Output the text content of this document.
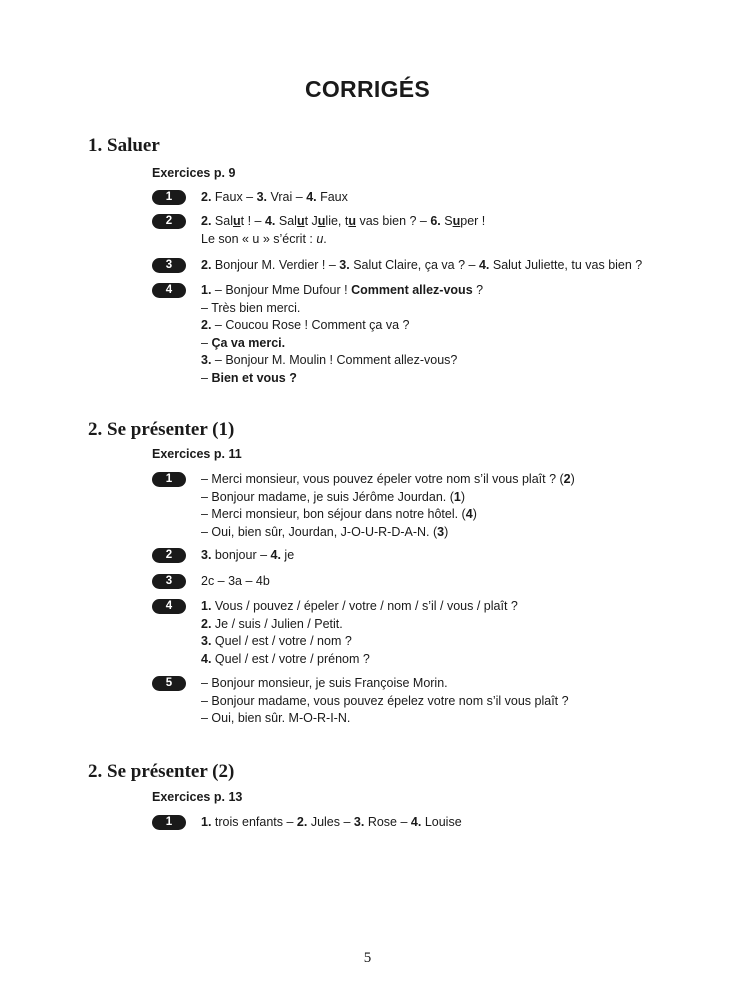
CORRIGÉS
1. Saluer
Exercices p. 9
1	2. Faux – 3. Vrai – 4. Faux
2	2. Salut ! – 4. Salut Julie, tu vas bien ? – 6. Super !
Le son « u » s’écrit : u.
3	2. Bonjour M. Verdier ! – 3. Salut Claire, ça va ? – 4. Salut Juliette, tu vas bien ?
4	1. – Bonjour Mme Dufour ! Comment allez-vous ?
– Très bien merci.
2. – Coucou Rose ! Comment ça va ?
– Ça va merci.
3. – Bonjour M. Moulin ! Comment allez-vous?
– Bien et vous ?
2. Se présenter (1)
Exercices p. 11
1	– Merci monsieur, vous pouvez épeler votre nom s’il vous plaît ? (2)
– Bonjour madame, je suis Jérôme Jourdan. (1)
– Merci monsieur, bon séjour dans notre hôtel. (4)
– Oui, bien sûr, Jourdan, J-O-U-R-D-A-N. (3)
2	3. bonjour – 4. je
3	2c – 3a – 4b
4	1. Vous / pouvez / épeler / votre / nom / s’il / vous / plaît ?
2. Je / suis / Julien / Petit.
3. Quel / est / votre / nom ?
4. Quel / est / votre / prénom ?
5	– Bonjour monsieur, je suis Françoise Morin.
– Bonjour madame, vous pouvez épelez votre nom s’il vous plaît ?
– Oui, bien sûr. M-O-R-I-N.
2. Se présenter (2)
Exercices p. 13
1	1. trois enfants – 2. Jules – 3. Rose – 4. Louise
5
